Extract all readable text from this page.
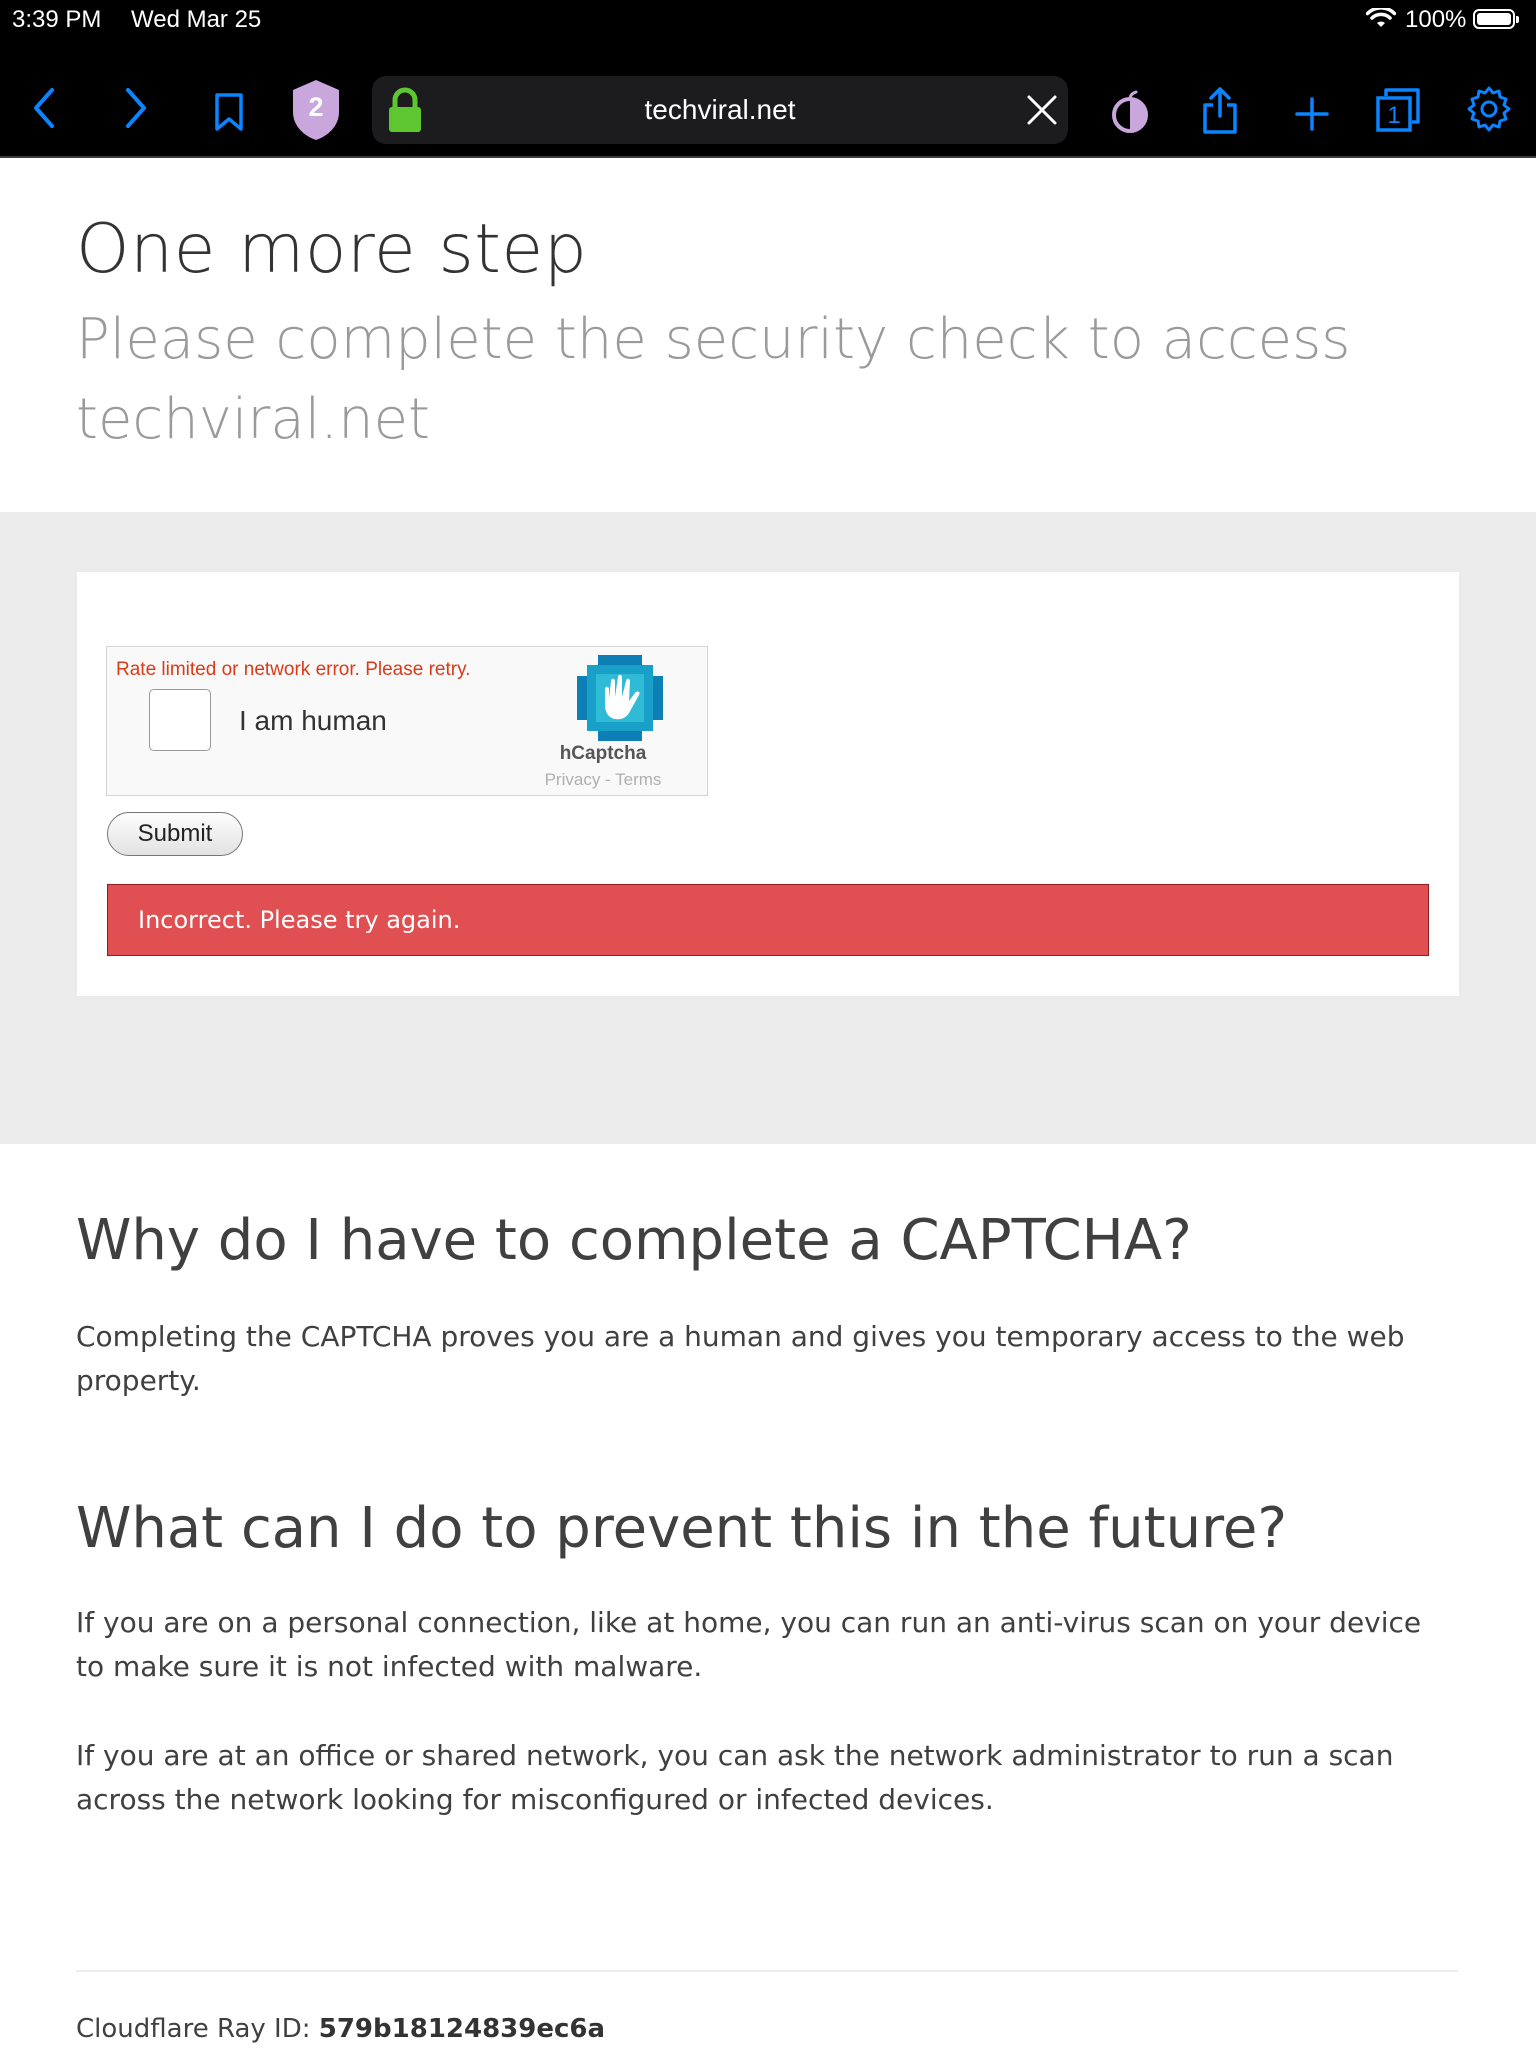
3:39 PM Wed Mar 25	100%
2	techviral.net	1
One more step

Please complete the security check to access techviral.net

Rate limited or network error. Please retry.
I am human
hCaptcha
Privacy - Terms
Submit
Incorrect. Please try again.
Why do I have to complete a CAPTCHA?

Completing the CAPTCHA proves you are a human and gives you temporary access to the web property.

What can I do to prevent this in the future?

If you are on a personal connection, like at home, you can run an anti-virus scan on your device to make sure it is not infected with malware.

If you are at an office or shared network, you can ask the network administrator to run a scan across the network looking for misconfigured or infected devices.

Cloudflare Ray ID: 579b18124839ec6a
